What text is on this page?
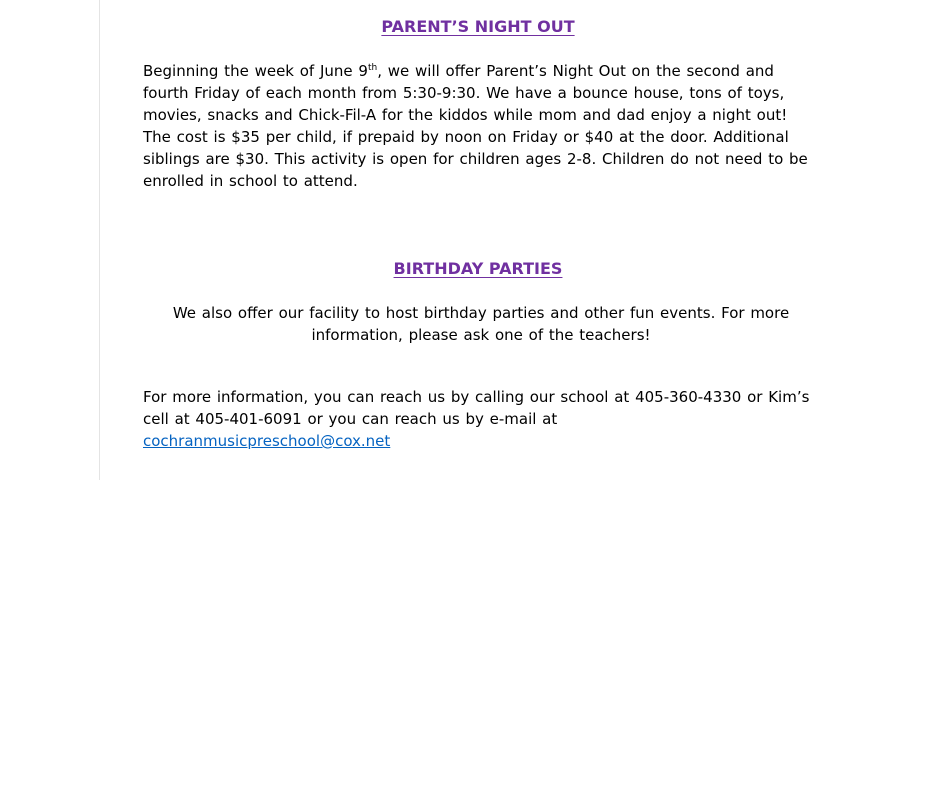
PARENT’S NIGHT OUT

Beginning the week of June 9th, we will offer Parent’s Night Out on the second and fourth Friday of each month from 5:30-9:30. We have a bounce house, tons of toys, movies, snacks and Chick-Fil-A for the kiddos while mom and dad enjoy a night out! The cost is $35 per child, if prepaid by noon on Friday or $40 at the door. Additional siblings are $30. This activity is open for children ages 2-8. Children do not need to be enrolled in school to attend.

BIRTHDAY PARTIES

We also offer our facility to host birthday parties and other fun events. For more information, please ask one of the teachers!

For more information, you can reach us by calling our school at 405-360-4330 or Kim’s cell at 405-401-6091 or you can reach us by e-mail at
cochranmusicpreschool@cox.net
